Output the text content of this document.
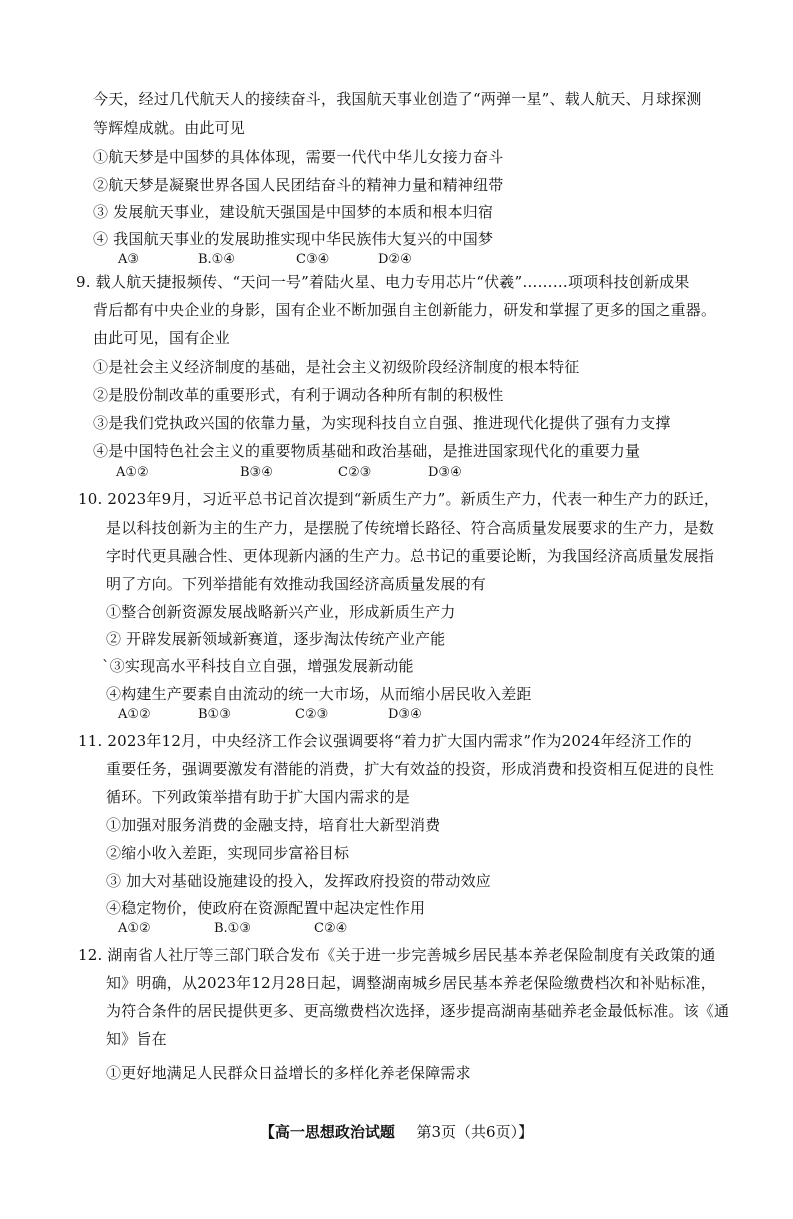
今天，经过几代航天人的接续奋斗，我国航天事业创造了“两弹一星”、载人航天、月球探测
等辉煌成就。由此可见
①航天梦是中国梦的具体体现，需要一代代中华儿女接力奋斗
②航天梦是凝聚世界各国人民团结奋斗的精神力量和精神纽带
③ 发展航天事业，建设航天强国是中国梦的本质和根本归宿
④ 我国航天事业的发展助推实现中华民族伟大复兴的中国梦
A③	B.①④	C③④	D②④
9. 载人航天捷报频传、“天问一号”着陆火星、电力专用芯片“伏羲”………项项科技创新成果
背后都有中央企业的身影，国有企业不断加强自主创新能力，研发和掌握了更多的国之重器。
由此可见，国有企业
①是社会主义经济制度的基础，是社会主义初级阶段经济制度的根本特征
②是股份制改革的重要形式，有利于调动各种所有制的积极性
③是我们党执政兴国的依靠力量，为实现科技自立自强、推进现代化提供了强有力支撑
④是中国特色社会主义的重要物质基础和政治基础，是推进国家现代化的重要力量
A①②	B③④	C②③	D③④
10. 2023年9月，习近平总书记首次提到“新质生产力”。新质生产力，代表一种生产力的跃迁，
是以科技创新为主的生产力，是摆脱了传统增长路径、符合高质量发展要求的生产力，是数
字时代更具融合性、更体现新内涵的生产力。总书记的重要论断，为我国经济高质量发展指
明了方向。下列举措能有效推动我国经济高质量发展的有
①整合创新资源发展战略新兴产业，形成新质生产力
② 开辟发展新领域新赛道，逐步淘汰传统产业产能
`③实现高水平科技自立自强，增强发展新动能
④构建生产要素自由流动的统一大市场，从而缩小居民收入差距
A①②	B①③	C②③	D③④
11. 2023年12月，中央经济工作会议强调要将“着力扩大国内需求”作为2024年经济工作的
重要任务，强调要激发有潜能的消费，扩大有效益的投资，形成消费和投资相互促进的良性
循环。下列政策举措有助于扩大国内需求的是
①加强对服务消费的金融支持，培育壮大新型消费
②缩小收入差距，实现同步富裕目标
③ 加大对基础设施建设的投入，发挥政府投资的带动效应
④稳定物价，使政府在资源配置中起决定性作用
A①②	B.①③	C②④
12. 湖南省人社厅等三部门联合发布《关于进一步完善城乡居民基本养老保险制度有关政策的通
知》明确，从2023年12月28日起，调整湖南城乡居民基本养老保险缴费档次和补贴标准，
为符合条件的居民提供更多、更高缴费档次选择，逐步提高湖南基础养老金最低标准。该《通
知》旨在
①更好地满足人民群众日益增长的多样化养老保障需求
【高一思想政治试题 第3页（共6页）】
